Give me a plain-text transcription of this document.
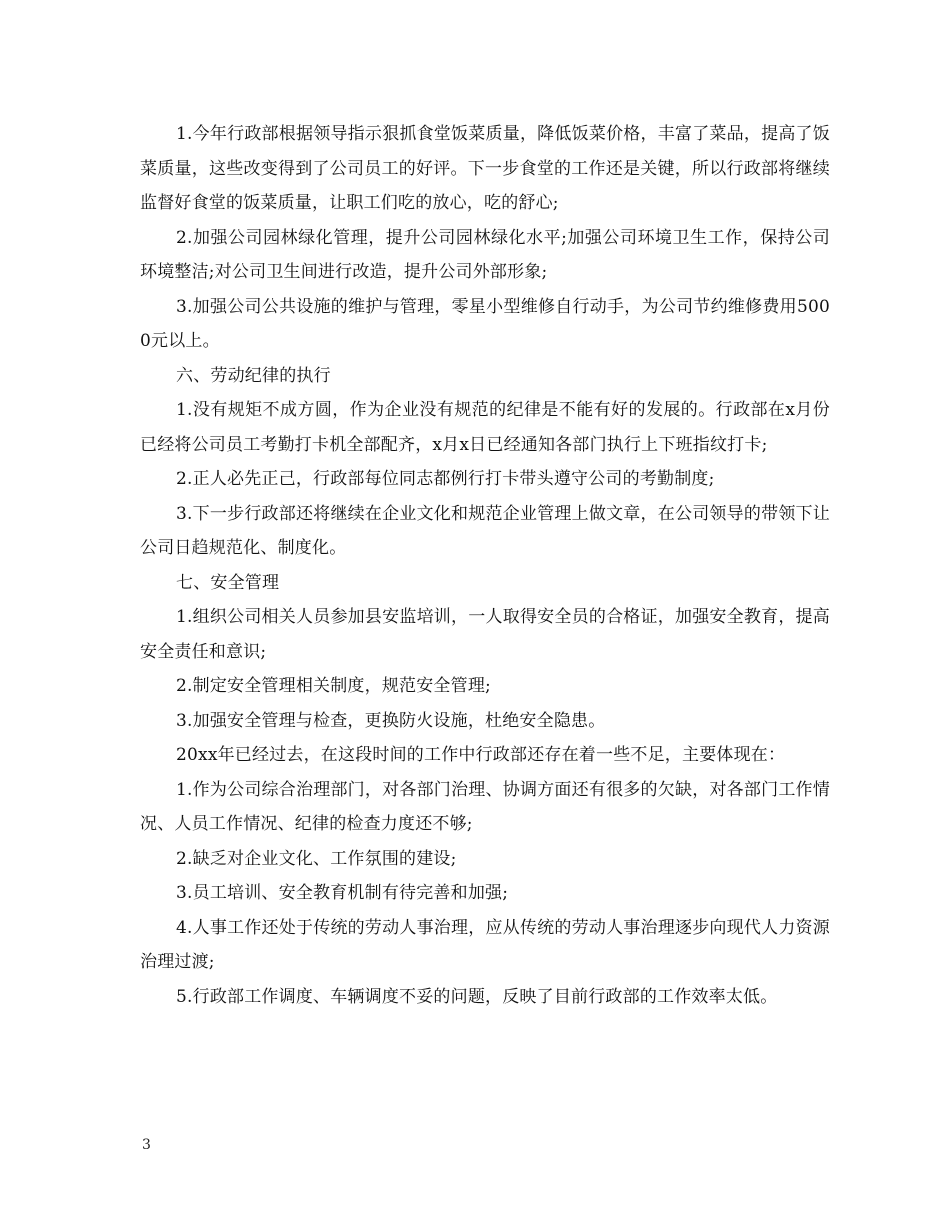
1.今年行政部根据领导指示狠抓食堂饭菜质量，降低饭菜价格，丰富了菜品，提高了饭菜质量，这些改变得到了公司员工的好评。下一步食堂的工作还是关键，所以行政部将继续监督好食堂的饭菜质量，让职工们吃的放心，吃的舒心;

2.加强公司园林绿化管理，提升公司园林绿化水平;加强公司环境卫生工作，保持公司环境整洁;对公司卫生间进行改造，提升公司外部形象;

3.加强公司公共设施的维护与管理，零星小型维修自行动手，为公司节约维修费用5000元以上。

六、劳动纪律的执行

1.没有规矩不成方圆，作为企业没有规范的纪律是不能有好的发展的。行政部在x月份已经将公司员工考勤打卡机全部配齐，x月x日已经通知各部门执行上下班指纹打卡;

2.正人必先正己，行政部每位同志都例行打卡带头遵守公司的考勤制度;

3.下一步行政部还将继续在企业文化和规范企业管理上做文章，在公司领导的带领下让公司日趋规范化、制度化。

七、安全管理

1.组织公司相关人员参加县安监培训，一人取得安全员的合格证，加强安全教育，提高安全责任和意识;

2.制定安全管理相关制度，规范安全管理;

3.加强安全管理与检查，更换防火设施，杜绝安全隐患。

20xx年已经过去，在这段时间的工作中行政部还存在着一些不足，主要体现在：

1.作为公司综合治理部门，对各部门治理、协调方面还有很多的欠缺，对各部门工作情况、人员工作情况、纪律的检查力度还不够;

2.缺乏对企业文化、工作氛围的建设;

3.员工培训、安全教育机制有待完善和加强;

4.人事工作还处于传统的劳动人事治理，应从传统的劳动人事治理逐步向现代人力资源治理过渡;

5.行政部工作调度、车辆调度不妥的问题，反映了目前行政部的工作效率太低。

3
